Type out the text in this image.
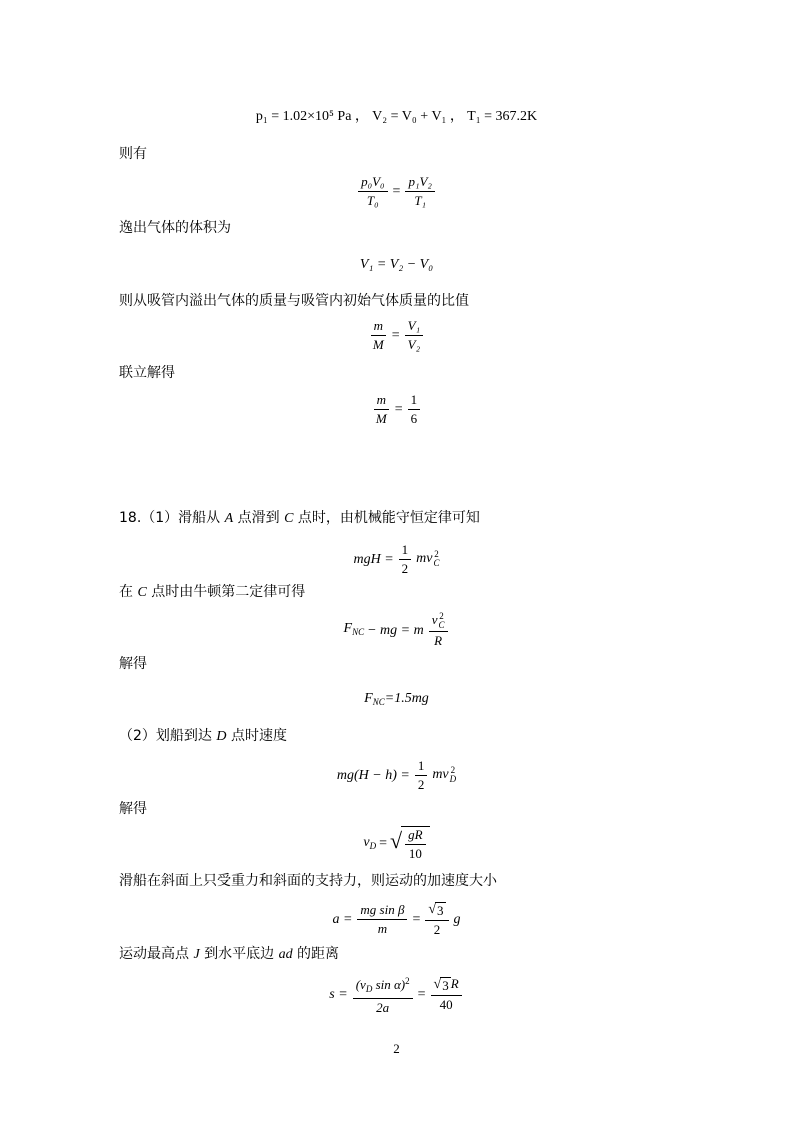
p₁ = 1.02×10⁵ Pa ， V₂ = V₀ + V₁ ， T₁ = 367.2K
则有
$\frac{\text{p₀V₀}}{\text{T₀}} = \frac{\text{p₁V₂}}{\text{T₁}}$
逸出气体的体积为
V₁ = V₂ − V₀
则从吸管内溢出气体的质量与吸管内初始气体质量的比值
$\frac{m}{M} = \frac{\text{V₁}}{\text{V₂}}$
联立解得
$\frac{m}{M} = \frac{1}{6}$
18.（1）滑船从 A 点滑到 C 点时，由机械能守恒定律可知
mgH = $\frac{1}{2}$ mv 2
C
在 C 点时由牛顿第二定律可得
$F_{NC}$ − mg = m v 2
C
R
解得
$F_{NC}=1.5mg$
（2）划船到达 D 点时速度
$mg(H - h) = \frac{1}{2}$ mv 2
D
解得
$v_D$ = √ $\frac{gR}{10}$
滑船在斜面上只受重力和斜面的支持力，则运动的加速度大小
$a = \frac{\text{mg sin β}}{m} = \frac{√ 3}{2}$ g
运动最高点 J 到水平底边 ad 的距离
$s = \frac{(v_D \sin \alpha)^2}{2a} = \frac{√ 3 R}{40}$
2
